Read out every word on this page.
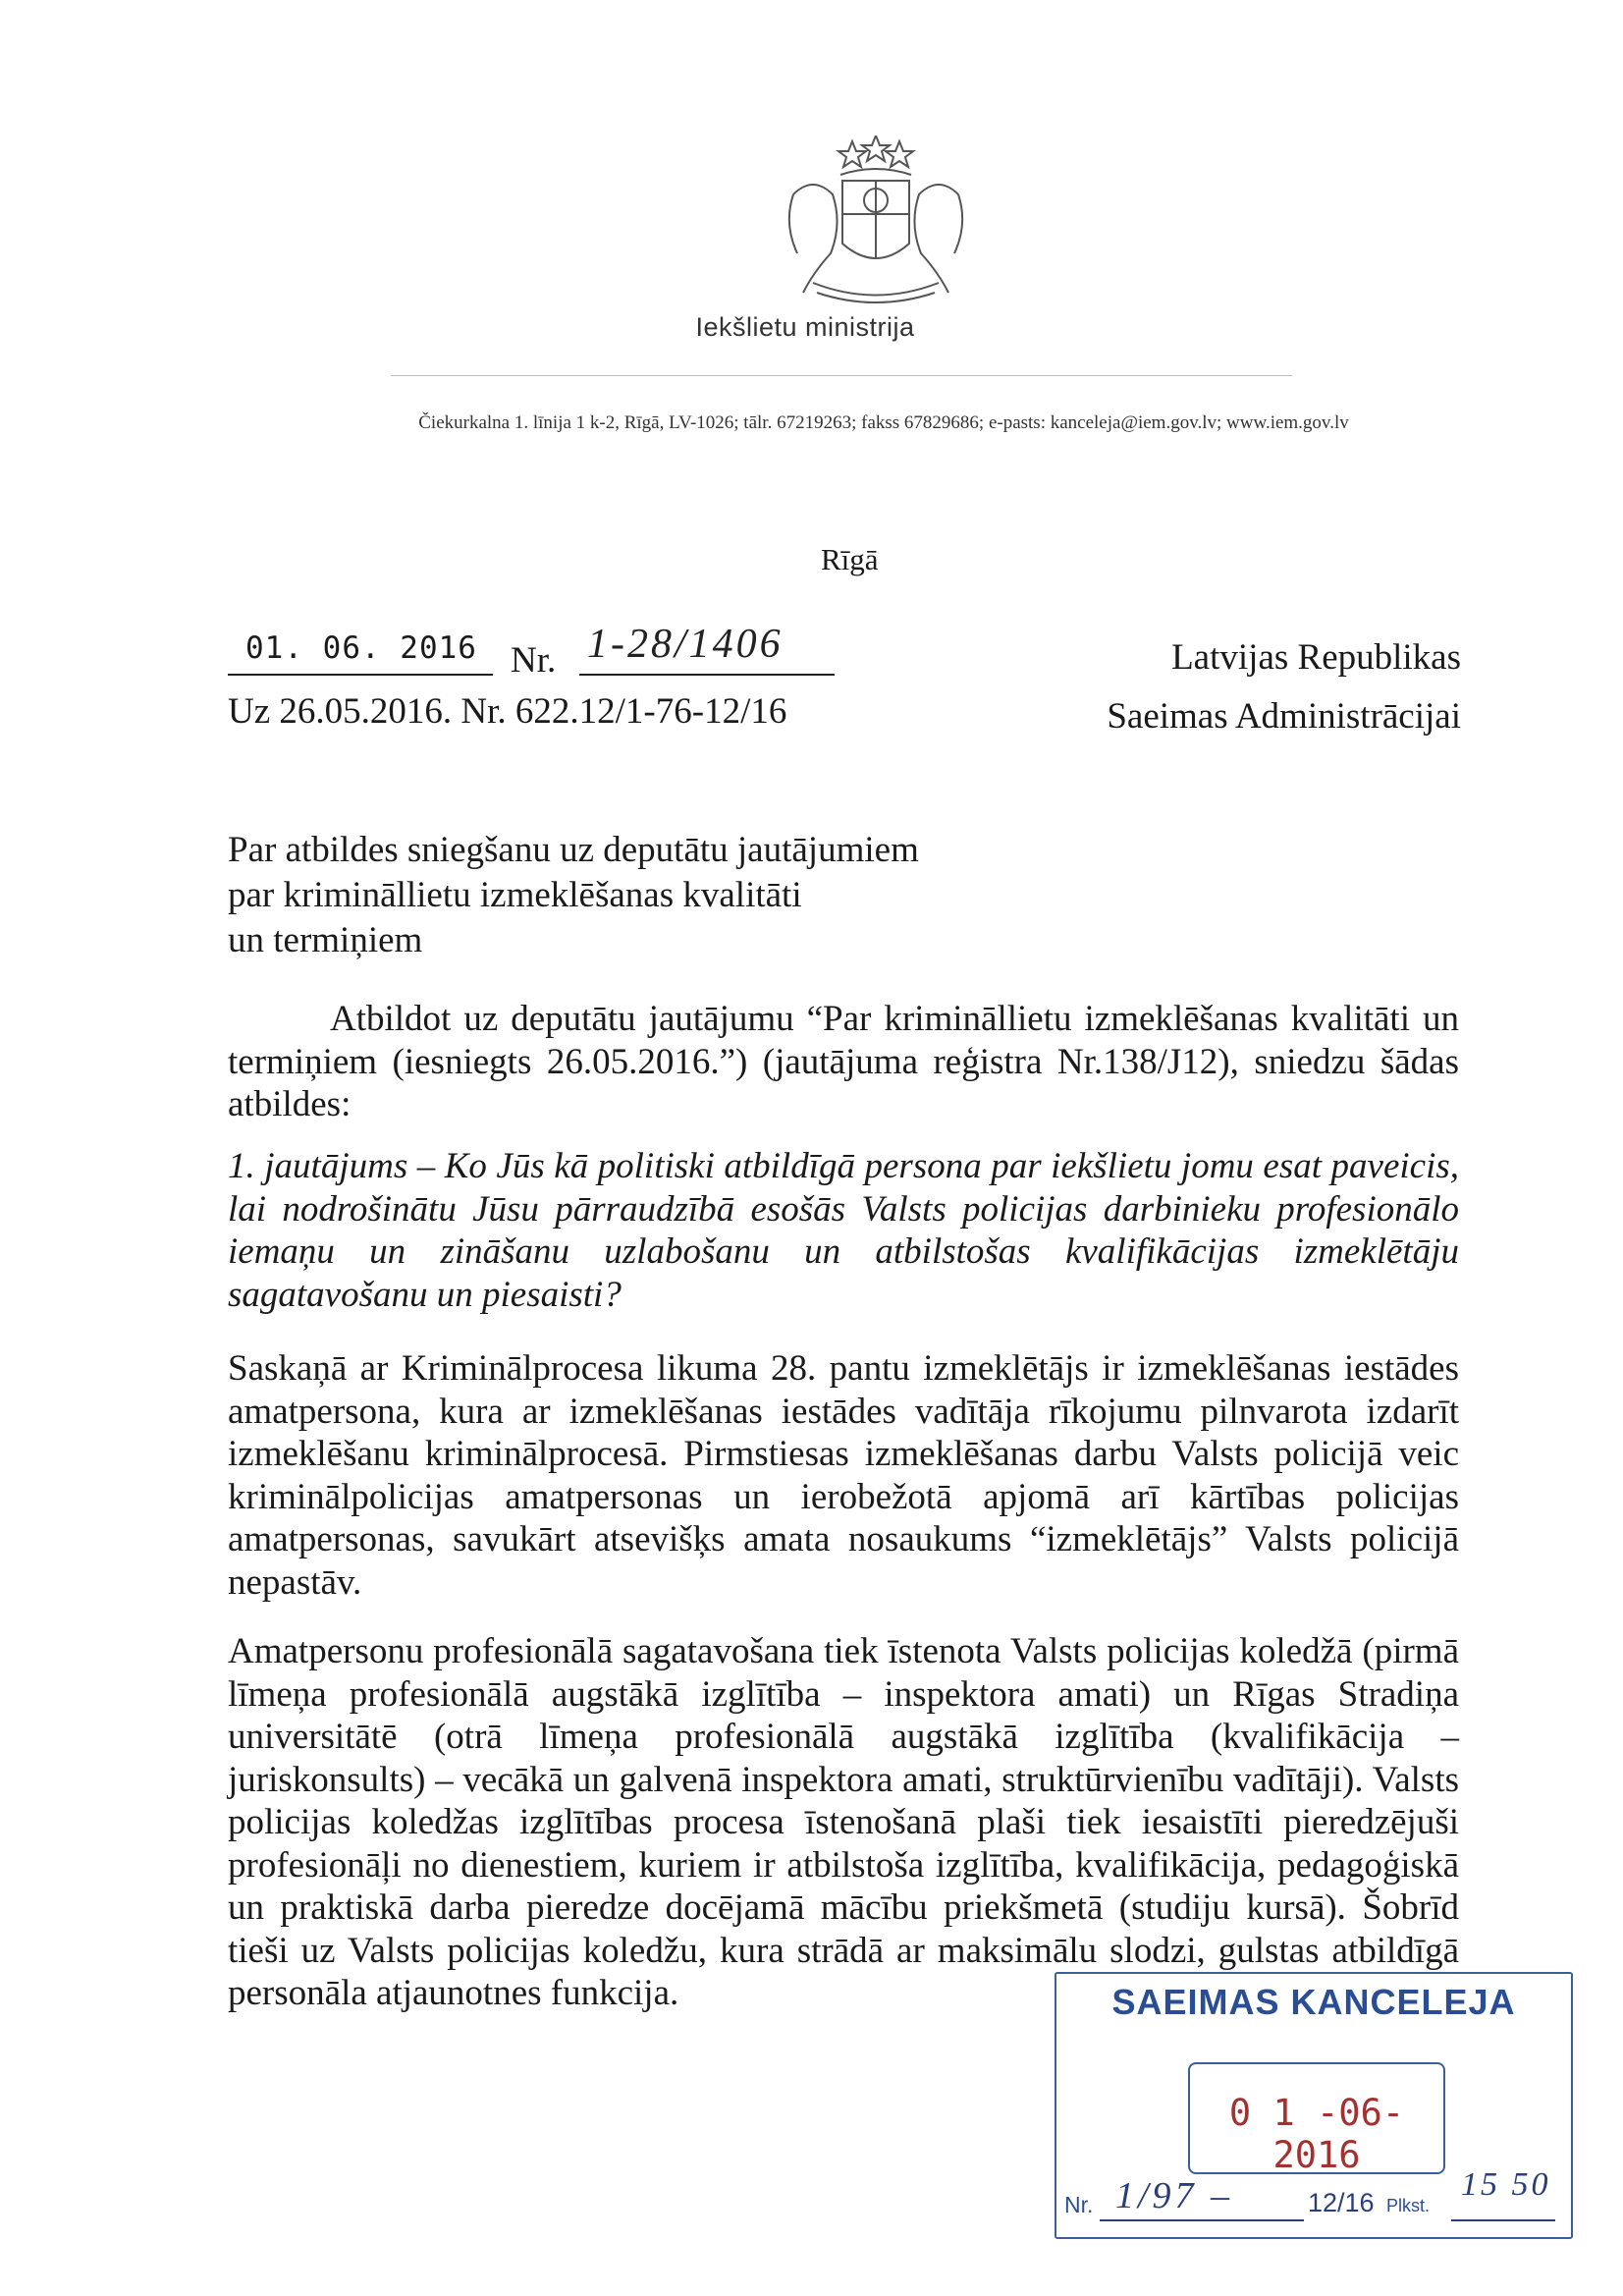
Iekšlietu ministrija
Čiekurkalna 1. līnija 1 k-2, Rīgā, LV-1026; tālr. 67219263; fakss 67829686; e-pasts: kanceleja@iem.gov.lv; www.iem.gov.lv
Rīgā
01. 06. 2016 Nr. 1-28/1406
Uz 26.05.2016. Nr. 622.12/1-76-12/16
Latvijas Republikas
Saeimas Administrācijai
Par atbildes sniegšanu uz deputātu jautājumiem
par krimināllietu izmeklēšanas kvalitāti
un termiņiem
Atbildot uz deputātu jautājumu “Par krimināllietu izmeklēšanas kvalitāti un termiņiem (iesniegts 26.05.2016.”) (jautājuma reģistra Nr.138/J12), sniedzu šādas atbildes:
1. jautājums – Ko Jūs kā politiski atbildīgā persona par iekšlietu jomu esat paveicis, lai nodrošinātu Jūsu pārraudzībā esošās Valsts policijas darbinieku profesionālo iemaņu un zināšanu uzlabošanu un atbilstošas kvalifikācijas izmeklētāju sagatavošanu un piesaisti?
Saskaņā ar Kriminālprocesa likuma 28. pantu izmeklētājs ir izmeklēšanas iestādes amatpersona, kura ar izmeklēšanas iestādes vadītāja rīkojumu pilnvarota izdarīt izmeklēšanu kriminālprocesā. Pirmstiesas izmeklēšanas darbu Valsts policijā veic kriminālpolicijas amatpersonas un ierobežotā apjomā arī kārtības policijas amatpersonas, savukārt atsevišķs amata nosaukums “izmeklētājs” Valsts policijā nepastāv.
Amatpersonu profesionālā sagatavošana tiek īstenota Valsts policijas koledžā (pirmā līmeņa profesionālā augstākā izglītība – inspektora amati) un Rīgas Stradiņa universitātē (otrā līmeņa profesionālā augstākā izglītība (kvalifikācija – juriskonsults) – vecākā un galvenā inspektora amati, struktūrvienību vadītāji). Valsts policijas koledžas izglītības procesa īstenošanā plaši tiek iesaistīti pieredzējuši profesionāļi no dienestiem, kuriem ir atbilstoša izglītība, kvalifikācija, pedagoģiskā un praktiskā darba pieredze docējamā mācību priekšmetā (studiju kursā). Šobrīd tieši uz Valsts policijas koledžu, kura strādā ar maksimālu slodzi, gulstas atbildīgā personāla atjaunotnes funkcija.	SAEIMAS KANCELEJA
0 1 -06- 2016
Nr. 1/97 –	12/16 Plkst.
15 50
